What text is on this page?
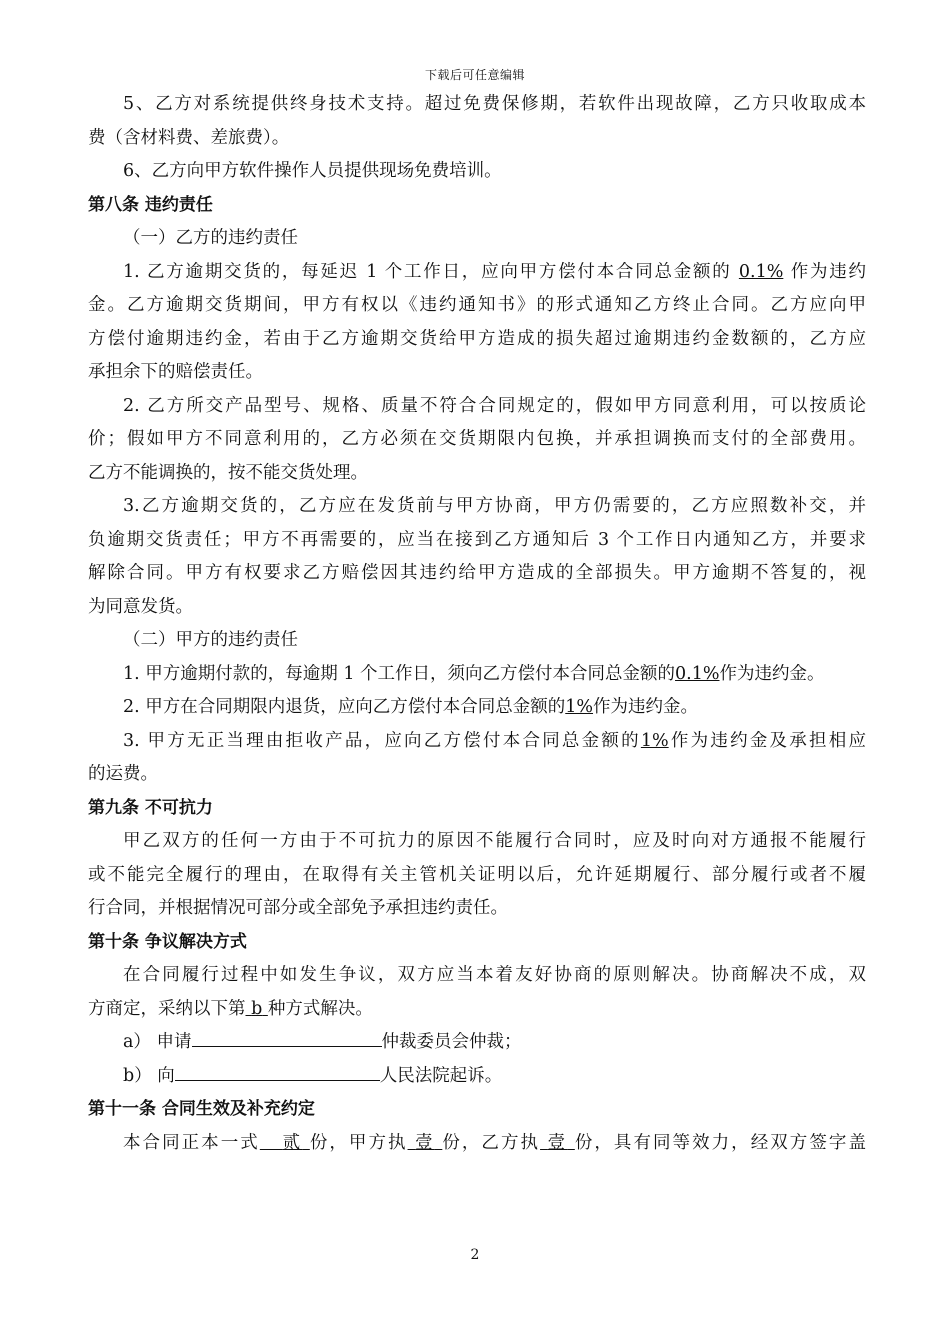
下载后可任意编辑
5、乙方对系统提供终身技术支持。超过免费保修期，若软件出现故障，乙方只收取成本
费（含材料费、差旅费）。
6、乙方向甲方软件操作人员提供现场免费培训。
第八条 违约责任
（一）乙方的违约责任
1. 乙方逾期交货的，每延迟 1 个工作日，应向甲方偿付本合同总金额的 0.1% 作为违约
金。乙方逾期交货期间，甲方有权以《违约通知书》的形式通知乙方终止合同。乙方应向甲
方偿付逾期违约金，若由于乙方逾期交货给甲方造成的损失超过逾期违约金数额的，乙方应
承担余下的赔偿责任。
2. 乙方所交产品型号、规格、质量不符合合同规定的，假如甲方同意利用，可以按质论
价；假如甲方不同意利用的，乙方必须在交货期限内包换，并承担调换而支付的全部费用。
乙方不能调换的，按不能交货处理。
3.乙方逾期交货的，乙方应在发货前与甲方协商，甲方仍需要的，乙方应照数补交，并
负逾期交货责任；甲方不再需要的，应当在接到乙方通知后 3 个工作日内通知乙方，并要求
解除合同。甲方有权要求乙方赔偿因其违约给甲方造成的全部损失。甲方逾期不答复的，视
为同意发货。
（二）甲方的违约责任
1. 甲方逾期付款的，每逾期 1 个工作日，须向乙方偿付本合同总金额的0.1%作为违约金。
2. 甲方在合同期限内退货，应向乙方偿付本合同总金额的1%作为违约金。
3. 甲方无正当理由拒收产品，应向乙方偿付本合同总金额的1%作为违约金及承担相应
的运费。
第九条 不可抗力
甲乙双方的任何一方由于不可抗力的原因不能履行合同时，应及时向对方通报不能履行
或不能完全履行的理由，在取得有关主管机关证明以后，允许延期履行、部分履行或者不履
行合同，并根据情况可部分或全部免予承担违约责任。
第十条 争议解决方式
在合同履行过程中如发生争议，双方应当本着友好协商的原则解决。协商解决不成，双
方商定，采纳以下第 b 种方式解决。
a） 申请	仲裁委员会仲裁；
b） 向	人民法院起诉。
第十一条 合同生效及补充约定
本合同正本一式 贰 份，甲方执 壹 份，乙方执 壹 份，具有同等效力，经双方签字盖
2
